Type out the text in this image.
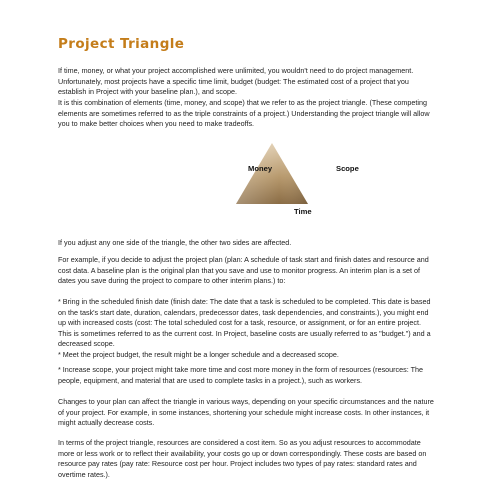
Project Triangle

If time, money, or what your project accomplished were unlimited, you wouldn't need to do project management. Unfortunately, most projects have a specific time limit, budget (budget: The estimated cost of a project that you establish in Project with your baseline plan.), and scope.

It is this combination of elements (time, money, and scope) that we refer to as the project triangle. (These competing elements are sometimes referred to as the triple constraints of a project.) Understanding the project triangle will allow you to make better choices when you need to make tradeoffs.

Money	Scope
Time

If you adjust any one side of the triangle, the other two sides are affected.

For example, if you decide to adjust the project plan (plan: A schedule of task start and finish dates and resource and cost data. A baseline plan is the original plan that you save and use to monitor progress. An interim plan is a set of dates you save during the project to compare to other interim plans.) to:

* Bring in the scheduled finish date (finish date: The date that a task is scheduled to be completed. This date is based on the task's start date, duration, calendars, predecessor dates, task dependencies, and constraints.), you might end up with increased costs (cost: The total scheduled cost for a task, resource, or assignment, or for an entire project. This is sometimes referred to as the current cost. In Project, baseline costs are usually referred to as "budget.") and a decreased scope.

* Meet the project budget, the result might be a longer schedule and a decreased scope.

* Increase scope, your project might take more time and cost more money in the form of resources (resources: The people, equipment, and material that are used to complete tasks in a project.), such as workers.

Changes to your plan can affect the triangle in various ways, depending on your specific circumstances and the nature of your project. For example, in some instances, shortening your schedule might increase costs. In other instances, it might actually decrease costs.

In terms of the project triangle, resources are considered a cost item. So as you adjust resources to accommodate more or less work or to reflect their availability, your costs go up or down correspondingly. These costs are based on resource pay rates (pay rate: Resource cost per hour. Project includes two types of pay rates: standard rates and overtime rates.).
